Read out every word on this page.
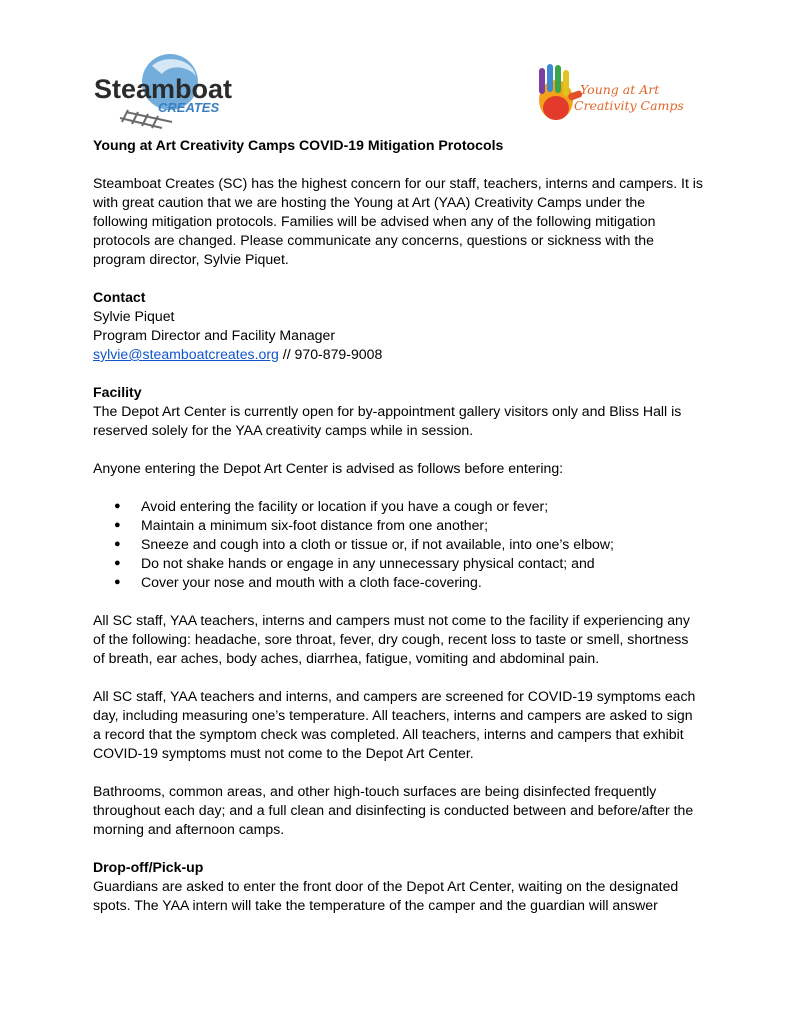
Steamboat
CREATES
Young at Art
Creativity Camps

Young at Art Creativity Camps COVID-19 Mitigation Protocols

Steamboat Creates (SC) has the highest concern for our staff, teachers, interns and campers. It is with great caution that we are hosting the Young at Art (YAA) Creativity Camps under the following mitigation protocols. Families will be advised when any of the following mitigation protocols are changed. Please communicate any concerns, questions or sickness with the program director, Sylvie Piquet.

Contact

Sylvie Piquet

Program Director and Facility Manager

sylvie@steamboatcreates.org // 970-879-9008

Facility

The Depot Art Center is currently open for by-appointment gallery visitors only and Bliss Hall is reserved solely for the YAA creativity camps while in session.

Anyone entering the Depot Art Center is advised as follows before entering:

● Avoid entering the facility or location if you have a cough or fever;
● Maintain a minimum six-foot distance from one another;
● Sneeze and cough into a cloth or tissue or, if not available, into one’s elbow;
● Do not shake hands or engage in any unnecessary physical contact; and
● Cover your nose and mouth with a cloth face-covering.

All SC staff, YAA teachers, interns and campers must not come to the facility if experiencing any of the following: headache, sore throat, fever, dry cough, recent loss to taste or smell, shortness of breath, ear aches, body aches, diarrhea, fatigue, vomiting and abdominal pain.

All SC staff, YAA teachers and interns, and campers are screened for COVID-19 symptoms each day, including measuring one’s temperature. All teachers, interns and campers are asked to sign a record that the symptom check was completed. All teachers, interns and campers that exhibit COVID-19 symptoms must not come to the Depot Art Center.

Bathrooms, common areas, and other high-touch surfaces are being disinfected frequently throughout each day; and a full clean and disinfecting is conducted between and before/after the morning and afternoon camps.

Drop-off/Pick-up

Guardians are asked to enter the front door of the Depot Art Center, waiting on the designated spots. The YAA intern will take the temperature of the camper and the guardian will answer
